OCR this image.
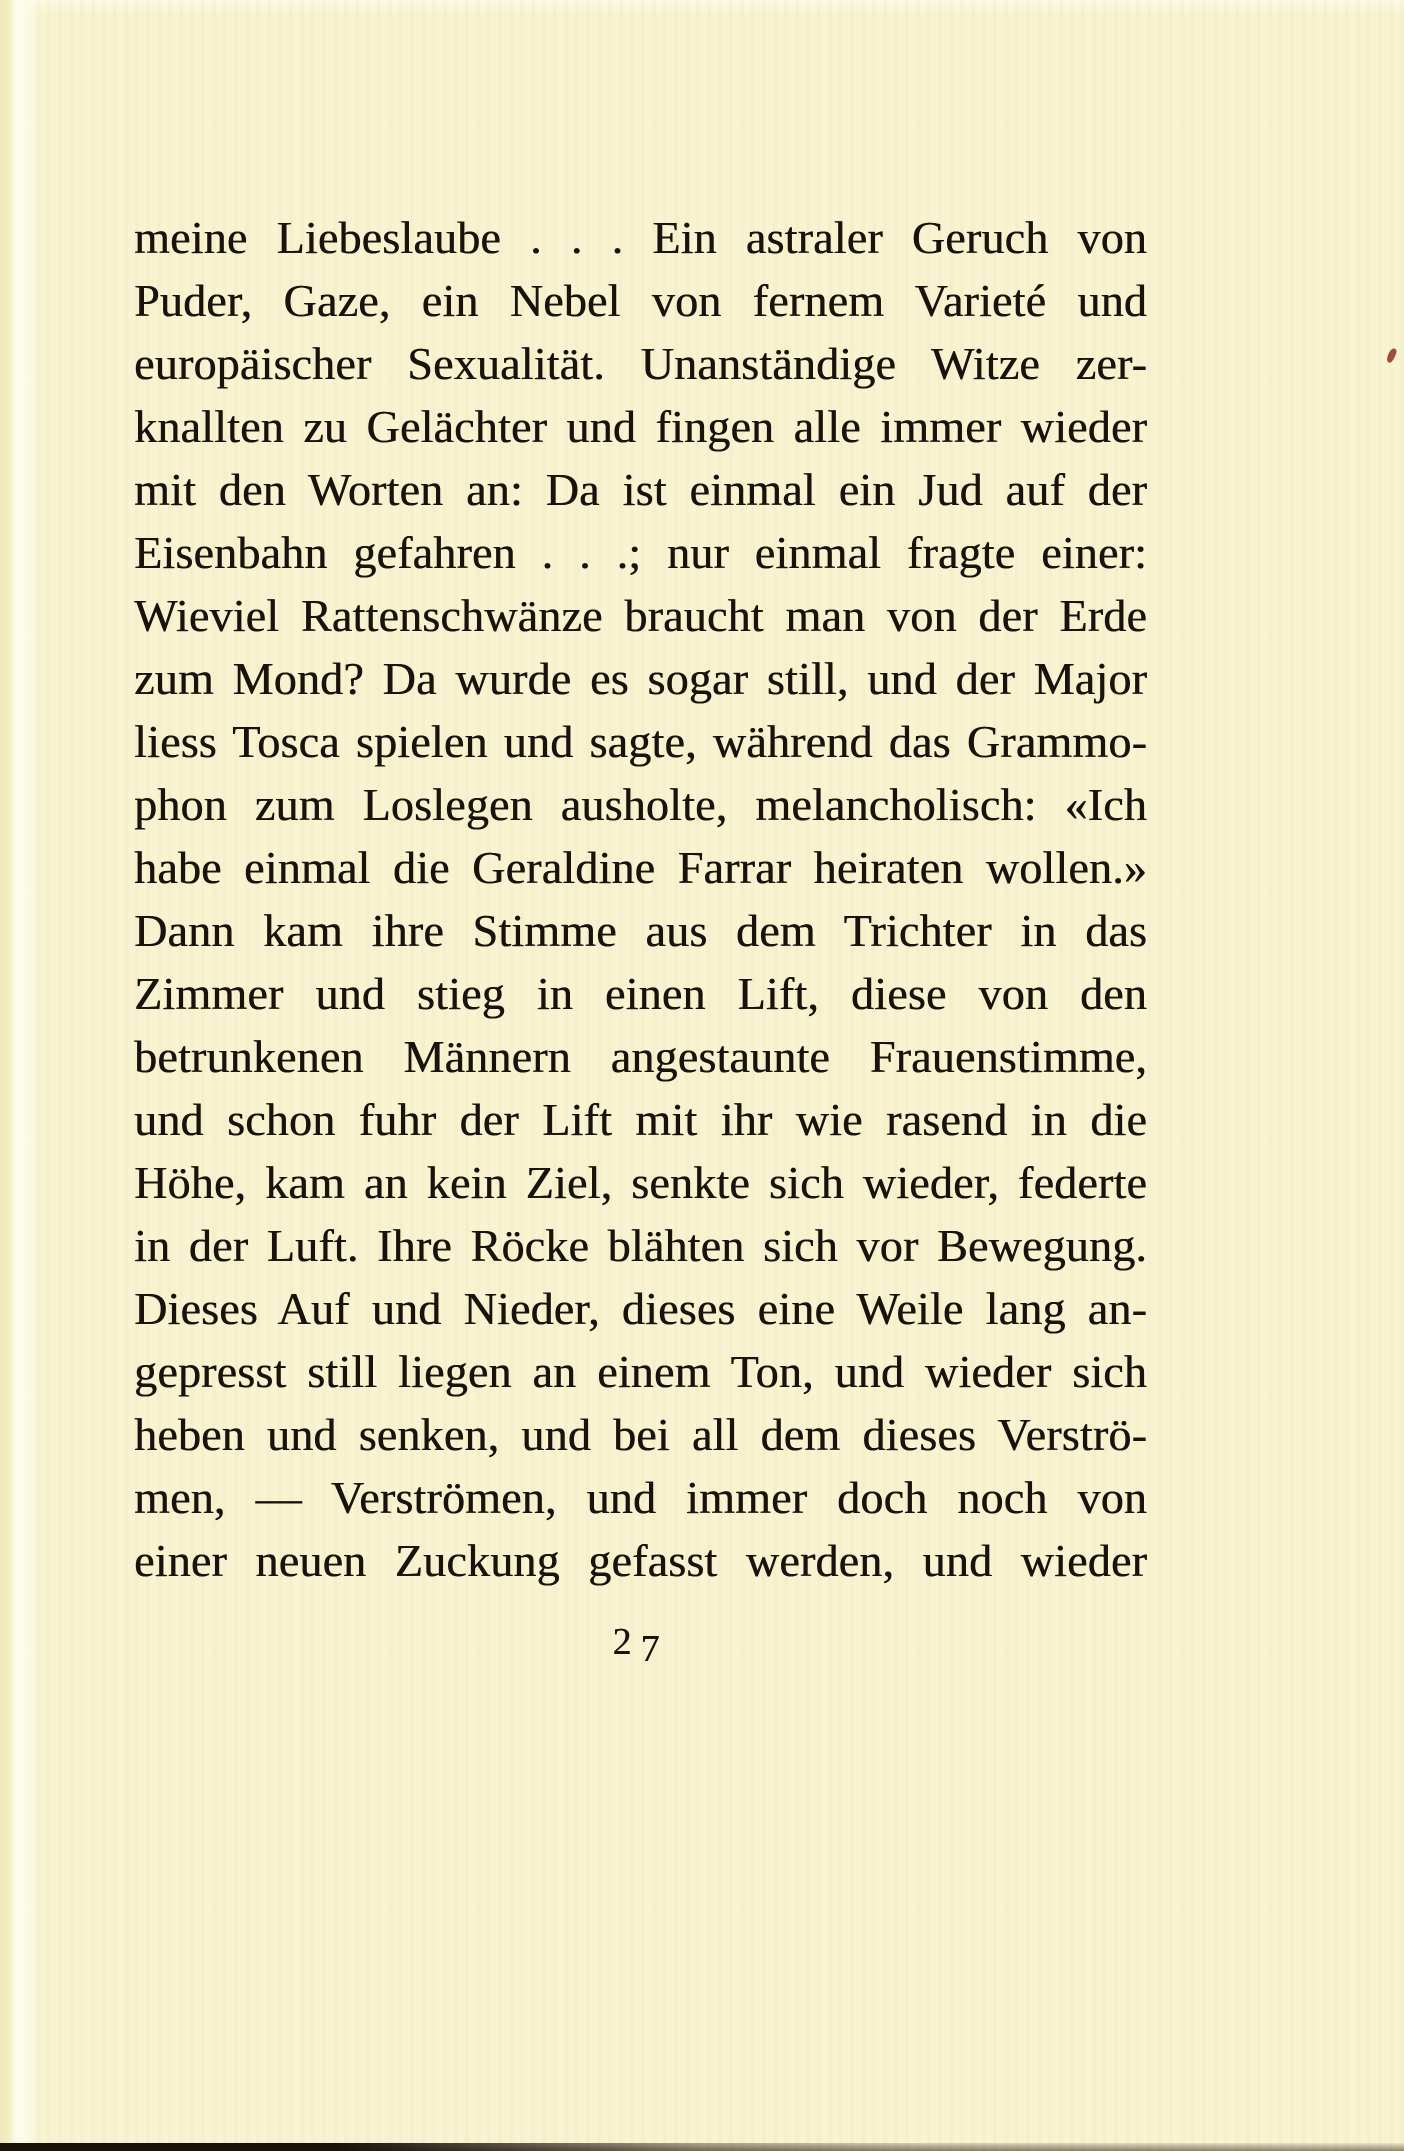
meine Liebeslaube . . . Ein astraler Geruch von
Puder, Gaze, ein Nebel von fernem Varieté und
europäischer Sexualität. Unanständige Witze zer-
knallten zu Gelächter und fingen alle immer wieder
mit den Worten an: Da ist einmal ein Jud auf der
Eisenbahn gefahren . . .; nur einmal fragte einer:
Wieviel Rattenschwänze braucht man von der Erde
zum Mond? Da wurde es sogar still, und der Major
liess Tosca spielen und sagte, während das Grammo-
phon zum Loslegen ausholte, melancholisch: «Ich
habe einmal die Geraldine Farrar heiraten wollen.»
Dann kam ihre Stimme aus dem Trichter in das
Zimmer und stieg in einen Lift, diese von den
betrunkenen Männern angestaunte Frauenstimme,
und schon fuhr der Lift mit ihr wie rasend in die
Höhe, kam an kein Ziel, senkte sich wieder, federte
in der Luft. Ihre Röcke blähten sich vor Bewegung.
Dieses Auf und Nieder, dieses eine Weile lang an-
gepresst still liegen an einem Ton, und wieder sich
heben und senken, und bei all dem dieses Verströ-
men, — Verströmen, und immer doch noch von
einer neuen Zuckung gefasst werden, und wieder
27
